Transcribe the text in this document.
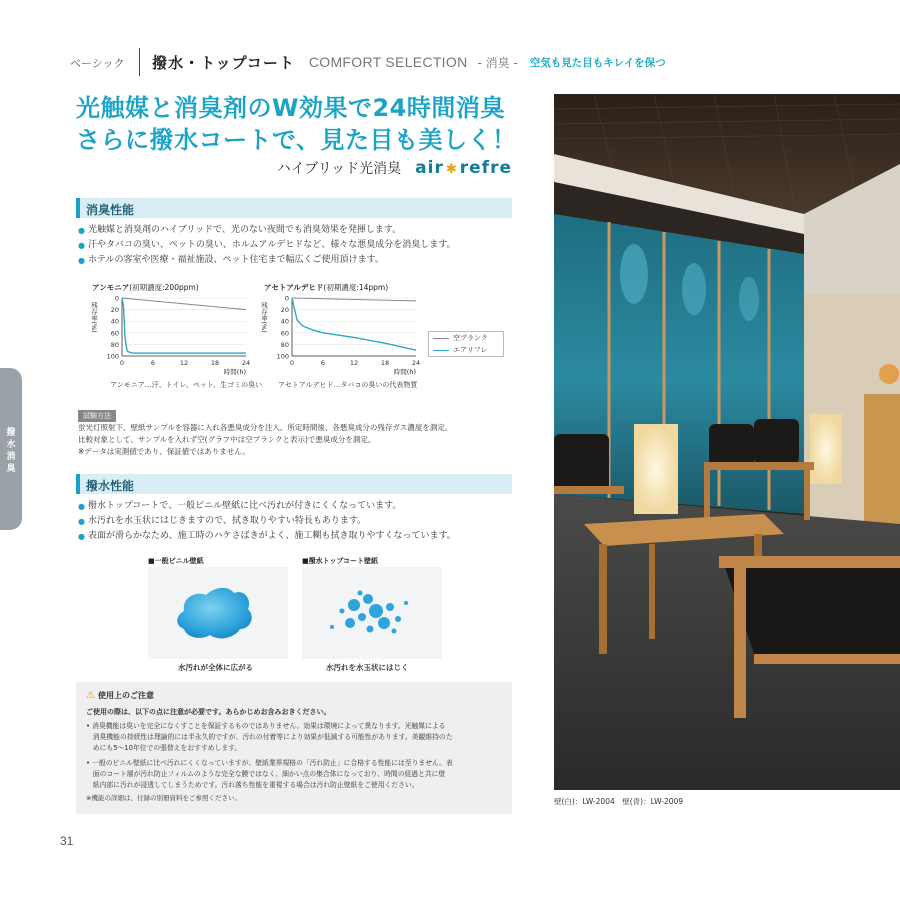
ベーシック 撥水・トップコート COMFORT SELECTION - 消臭 - 空気も見た目もキレイを保つ
光触媒と消臭剤のW効果で24時間消臭
さらに撥水コートで、見た目も美しく！
ハイブリッド光消臭 air ✱ refre
撥水消臭
消臭性能
● 光触媒と消臭剤のハイブリッドで、光のない夜間でも消臭効果を発揮します。
● 汗やタバコの臭い、ペットの臭い、ホルムアルデヒドなど、様々な悪臭成分を消臭します。
● ホテルの客室や医療・福祉施設、ペット住宅まで幅広くご使用頂けます。
アンモニア(初期濃度:200ppm)
0
20
40
60
80
100
0	6	12	18	24
残存率(%)
時間(h)
アンモニア…汗、トイレ、ペット、生ゴミの臭い
アセトアルデヒド(初期濃度:14ppm)
0
20
40
60
80
100
0	6	12	18	24
残存率(%)
時間(h)
アセトアルデヒド…タバコの臭いの代表物質
空ブランク
エアリフレ
試験方法
蛍光灯照射下、壁紙サンプルを容器に入れ各悪臭成分を注入。所定時間後、各悪臭成分の残存ガス濃度を測定。
比較対象として、サンプルを入れず空(グラフ中は空ブランクと表示)で悪臭成分を測定。
※データは実測値であり、保証値ではありません。
撥水性能
● 撥水トップコートで、一般ビニル壁紙に比べ汚れが付きにくくなっています。
● 水汚れを水玉状にはじきますので、拭き取りやすい特長もあります。
● 表面が滑らかなため、施工時のハケさばきがよく、施工糊も拭き取りやすくなっています。
■一般ビニル壁紙
水汚れが全体に広がる
■撥水トップコート壁紙
水汚れを水玉状にはじく
⚠ 使用上のご注意
ご使用の際は、以下の点に注意が必要です。あらかじめお含みおきください。
• 消臭機能は臭いを完全になくすことを保証するものではありません。効果は環境によって異なります。光触媒による
　消臭機能の持続性は理論的には半永久的ですが、汚れの付着等により効果が低減する可能性があります。美観維持のた
　めにも5〜10年位での張替えをおすすめします。
• 一般のビニル壁紙に比べ汚れにくくなっていますが、壁紙業界規格の「汚れ防止」に合格する性能には至りません。表
　面のコート層が汚れ防止フィルムのような完全な膜ではなく、細かい点の集合体になっており、時間の経過と共に壁
　紙内部に汚れが浸透してしまうためです。汚れ落ち性能を重視する場合は汚れ防止壁紙をご使用ください。
※機能の詳細は、付録の別冊資料をご参照ください。
31
壁(白)：LW-2004　壁(青)：LW-2009
